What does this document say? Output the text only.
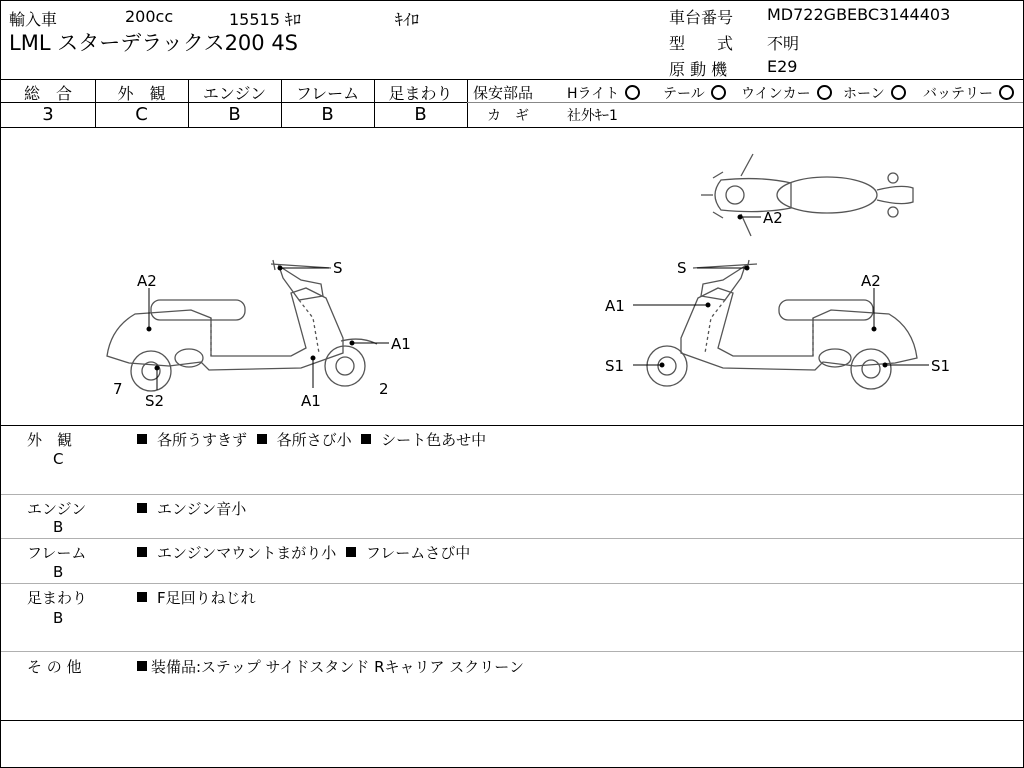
輸入車	200cc	15515 ｷﾛ	ｷｲﾛ
LML スターデラックス200 4S
車台番号 MD722GBEBC3144403
型　　式 不明
原 動 機 E29
総　合	外　観	エンジン	フレーム	足まわり
3	C	B	B	B
保安部品 Hライト	テール	ウインカー	ホーン	バッテリー
カ　ギ	社外ｷｰ1
A2
S
A1
7
S2	A1
2
S
A2
A1
S1	S1
A2
外　観
C
各所うすきず 各所さび小 シート色あせ中
エンジン
B
エンジン音小
フレーム
B
エンジンマウントまがり小 フレームさび中
足まわり
B
F足回りねじれ
そ の 他	装備品:ステップ サイドスタンド Rキャリア スクリーン
